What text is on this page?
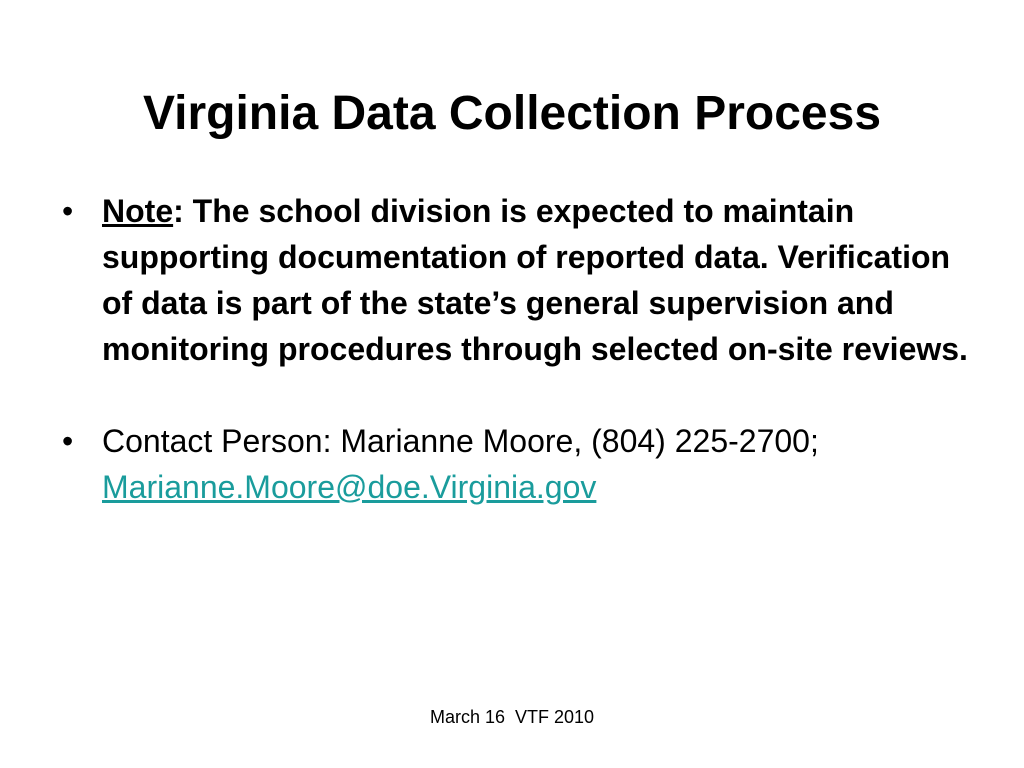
Virginia Data Collection Process
• Note: The school division is expected to maintain supporting documentation of reported data. Verification of data is part of the state’s general supervision and monitoring procedures through selected on-site reviews.
• Contact Person: Marianne Moore, (804) 225-2700; Marianne.Moore@doe.Virginia.gov
March 16  VTF 2010
